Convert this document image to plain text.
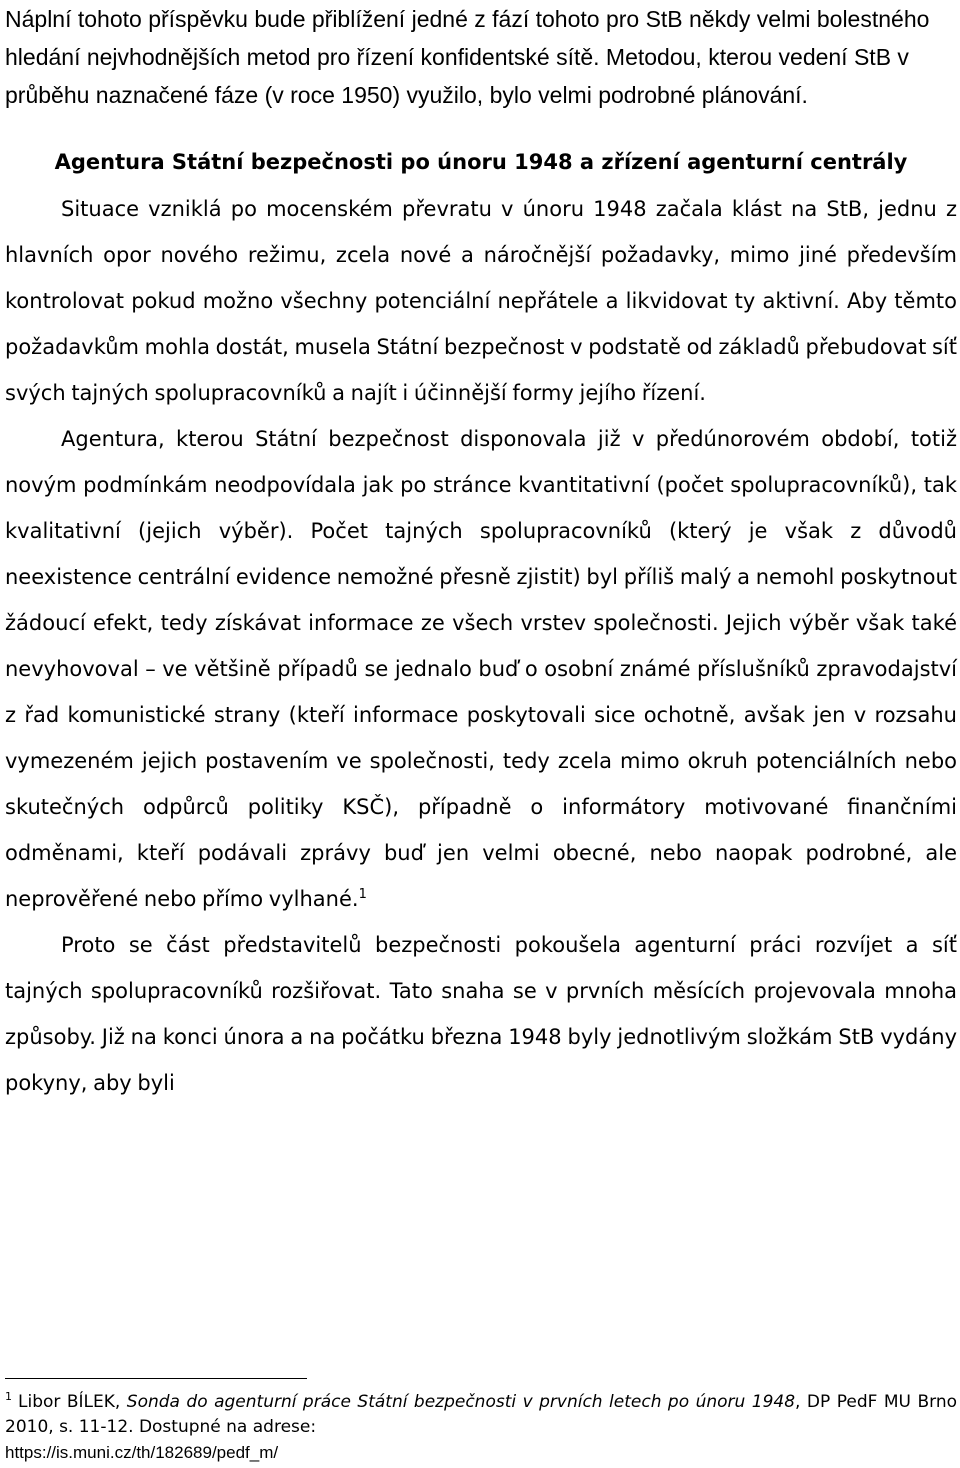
Náplní tohoto příspěvku bude přiblížení jedné z fází tohoto pro StB někdy velmi bolestného hledání nejvhodnějších metod pro řízení konfidentské sítě. Metodou, kterou vedení StB v průběhu naznačené fáze (v roce 1950) využilo, bylo velmi podrobné plánování.

Agentura Státní bezpečnosti po únoru 1948 a zřízení agenturní centrály

Situace vzniklá po mocenském převratu v únoru 1948 začala klást na StB, jednu z hlavních opor nového režimu, zcela nové a náročnější požadavky, mimo jiné především kontrolovat pokud možno všechny potenciální nepřátele a likvidovat ty aktivní. Aby těmto požadavkům mohla dostát, musela Státní bezpečnost v podstatě od základů přebudovat síť svých tajných spolupracovníků a najít i účinnější formy jejího řízení.

Agentura, kterou Státní bezpečnost disponovala již v předúnorovém období, totiž novým podmínkám neodpovídala jak po stránce kvantitativní (počet spolupracovníků), tak kvalitativní (jejich výběr). Počet tajných spolupracovníků (který je však z důvodů neexistence centrální evidence nemožné přesně zjistit) byl příliš malý a nemohl poskytnout žádoucí efekt, tedy získávat informace ze všech vrstev společnosti. Jejich výběr však také nevyhovoval – ve většině případů se jednalo buď o osobní známé příslušníků zpravodajství z řad komunistické strany (kteří informace poskytovali sice ochotně, avšak jen v rozsahu vymezeném jejich postavením ve společnosti, tedy zcela mimo okruh potenciálních nebo skutečných odpůrců politiky KSČ), případně o informátory motivované finančními odměnami, kteří podávali zprávy buď jen velmi obecné, nebo naopak podrobné, ale neprověřené nebo přímo vylhané.$^1$

Proto se část představitelů bezpečnosti pokoušela agenturní práci rozvíjet a síť tajných spolupracovníků rozšiřovat. Tato snaha se v prvních měsících projevovala mnoha způsoby. Již na konci února a na počátku března 1948 byly jednotlivým složkám StB vydány pokyny, aby byli

$^1$ Libor BÍLEK, Sonda do agenturní práce Státní bezpečnosti v prvních letech po únoru 1948, DP PedF MU Brno 2010, s. 11-12. Dostupné na adrese:
https://is.muni.cz/th/182689/pedf_m/
